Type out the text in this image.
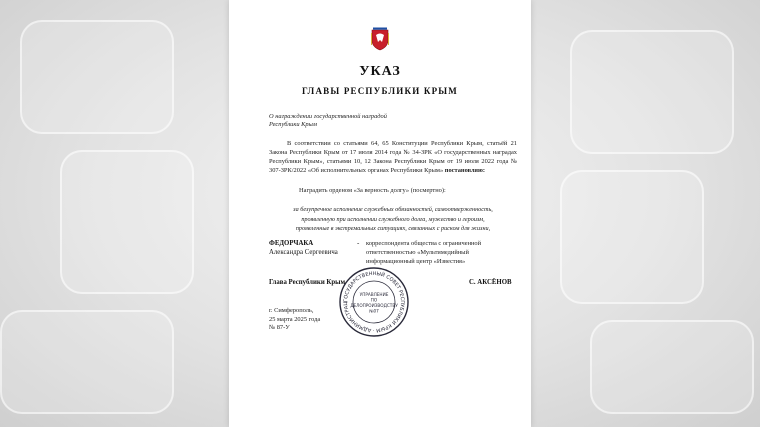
УКАЗ
ГЛАВЫ РЕСПУБЛИКИ КРЫМ
О награждении государственной наградой
Республики Крым
В соответствии со статьями 64, 65 Конституции Республики Крым, статьёй 21 Закона Республики Крым от 17 июля 2014 года № 34-ЗРК «О государственных наградах Республики Крым», статьями 10, 12 Закона Республики Крым от 19 июля 2022 года № 307-ЗРК/2022 «Об исполнительных органах Республики Крым» постановляю:
Наградить орденом «За верность долгу» (посмертно):
за безупречное исполнение служебных обязанностей, самоотверженность,
проявленную при исполнении служебного долга, мужество и героизм,
проявленные в экстремальных ситуациях, связанных с риском для жизни,
ФЕДОРЧАКА
Александра Сергеевича
- корреспондента общества с ограниченной
ответственностью «Мультимедийный
информационный центр «Известия»
Глава Республики Крым	С. АКСЁНОВ
ГОСУДАРСТВЕННЫЙ СОВЕТ РЕСПУБЛИКИ КРЫМ · АДМИНИСТРАЦ
УПРАВЛЕНИЕ
ПО
ДЕЛОПРОИЗВОДСТВУ
№07
г. Симферополь,
25 марта 2025 года
№ 87-У
